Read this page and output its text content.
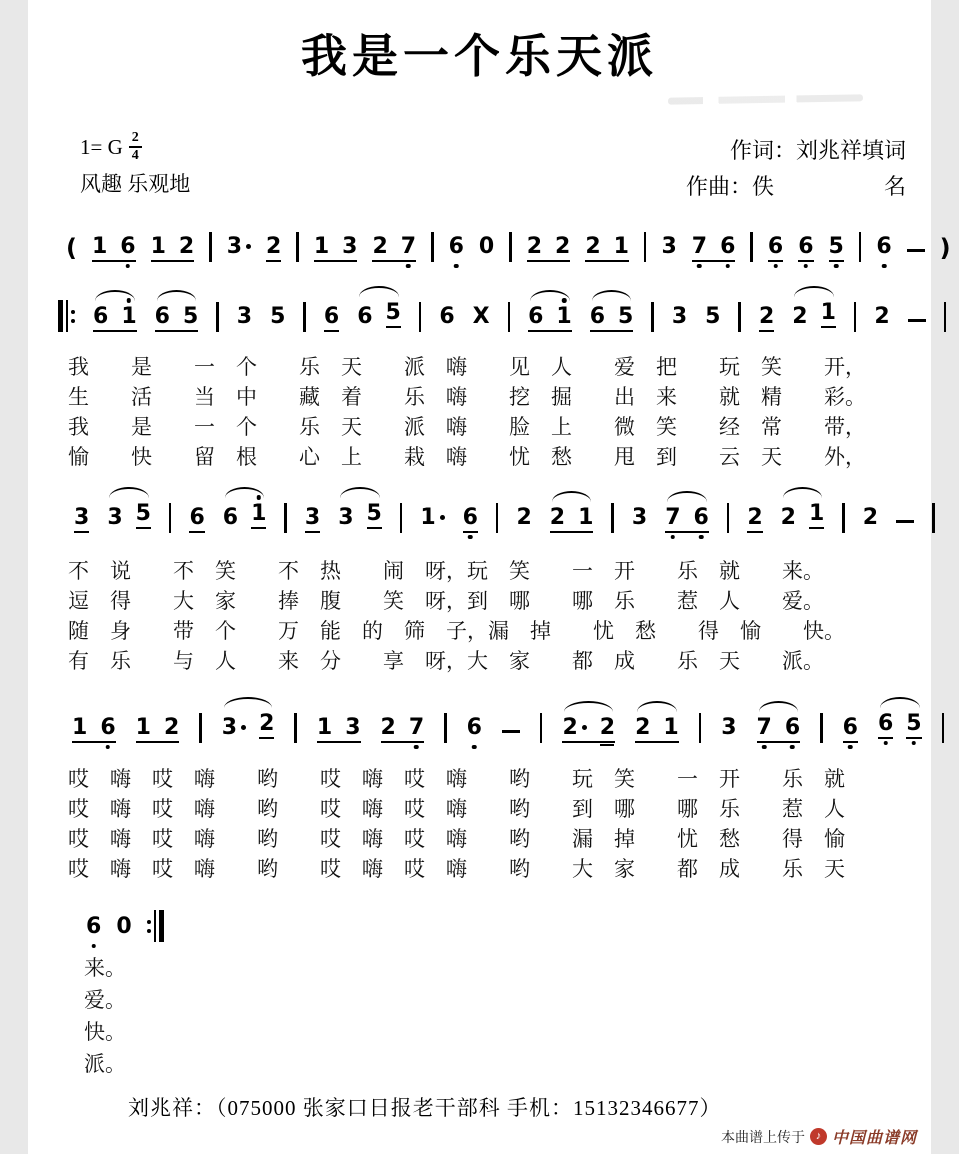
我是一个乐天派
1= G $\frac{2}{4}$
风趣 乐观地
作词：刘兆祥填词
作曲：佚　　　　　名
( 1 6 1 2 3 2 1 3 2 7 6 0 2 2 2 1 3 7 6 6 6 5 6 )
6 1 6 5 3 5 6 6 5 6 X 6 1 6 5 3 5 2 2 1 2
3 3 5 6 6 1 3 3 5 1 6 2 2 1 3 7 6 2 2 1 2
1 6 1 2 3 2 1 3 2 7 6	2 2 2 1 3 7 6 6 6 5
6 0
我　　是　　一　个　　乐　天　　派　嗨　　见　人　　爱　把　　玩　笑　　开，
生　　活　　当　中　　藏　着　　乐　嗨　　挖　掘　　出　来　　就　精　　彩。
我　　是　　一　个　　乐　天　　派　嗨　　脸　上　　微　笑　　经　常　　带，
愉　　快　　留　根　　心　上　　栽　嗨　　忧　愁　　甩　到　　云　天　　外，
不　说　　不　笑　　不　热　　闹　呀，玩　笑　　一　开　　乐　就　　来。
逗　得　　大　家　　捧　腹　　笑　呀，到　哪　　哪　乐　　惹　人　　爱。
随　身　　带　个　　万　能　的　筛　子，漏　掉　　忧　愁　　得　愉　　快。
有　乐　　与　人　　来　分　　享　呀，大　家　　都　成　　乐　天　　派。
哎　嗨　哎　嗨　　哟　　哎　嗨　哎　嗨　　哟　　玩　笑　　一　开　　乐　就
哎　嗨　哎　嗨　　哟　　哎　嗨　哎　嗨　　哟　　到　哪　　哪　乐　　惹　人
哎　嗨　哎　嗨　　哟　　哎　嗨　哎　嗨　　哟　　漏　掉　　忧　愁　　得　愉
哎　嗨　哎　嗨　　哟　　哎　嗨　哎　嗨　　哟　　大　家　　都　成　　乐　天
来。
爱。
快。
派。
刘兆祥：（075000 张家口日报老干部科 手机：15132346677）
本曲谱上传于 ♪ 中国曲谱网
